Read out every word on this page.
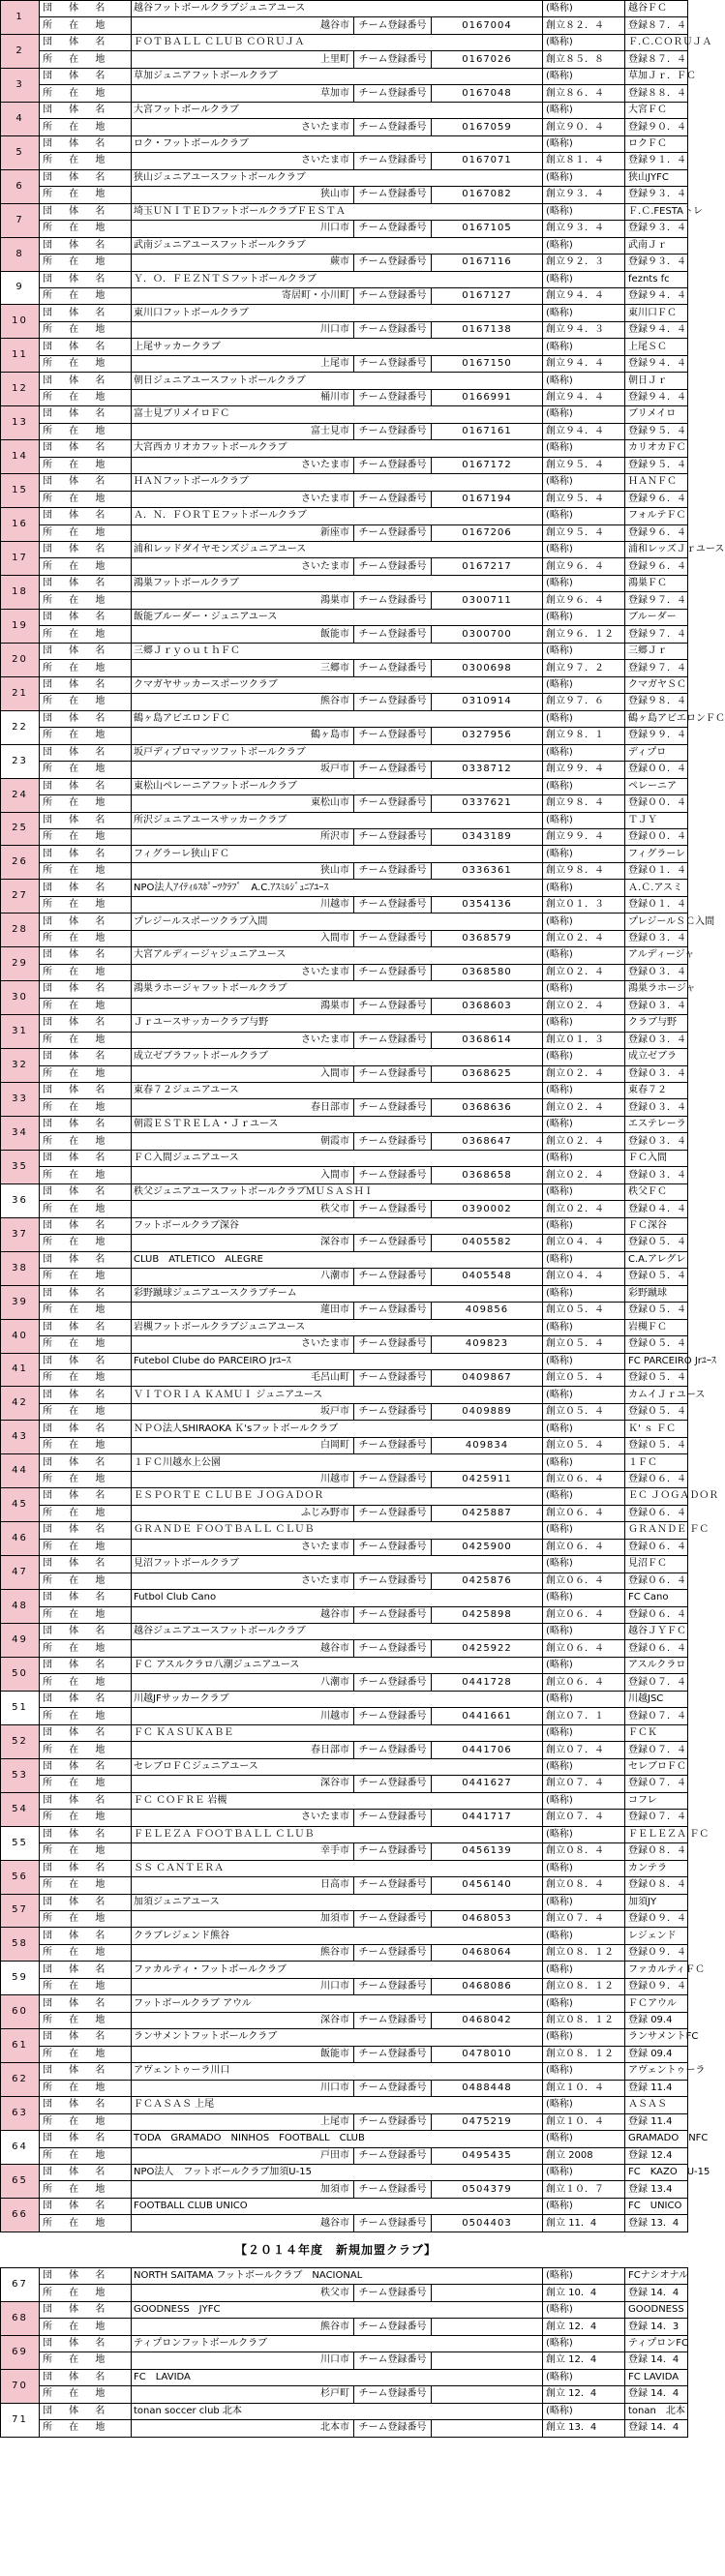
1	団 体 名	越谷フットボールクラブジュニアユース			(略称)	越谷ＦＣ
	所 在 地	越谷市	チーム登録番号	0167004	創立８２．４	登録８７．４
2	団 体 名	ＦＯＴＢＡＬＬ ＣＬＵＢ ＣＯＲＵＪＡ			(略称)	Ｆ.Ｃ.ＣＯＲＵＪＡ
	所 在 地	上里町	チーム登録番号	0167026	創立８５．８	登録８７．４
3	団 体 名	草加ジュニアフットボールクラブ			(略称)	草加Ｊｒ．ＦＣ
	所 在 地	草加市	チーム登録番号	0167048	創立８６．４	登録８８．４
4	団 体 名	大宮フットボールクラブ			(略称)	大宮ＦＣ
	所 在 地	さいたま市	チーム登録番号	0167059	創立９０．４	登録９０．４
5	団 体 名	ロク・フットボールクラブ			(略称)	ロクＦＣ
	所 在 地	さいたま市	チーム登録番号	0167071	創立８１．４	登録９１．４
6	団 体 名	狭山ジュニアユースフットボールクラブ			(略称)	狭山JYFC
	所 在 地	狭山市	チーム登録番号	0167082	創立９３．４	登録９３．４
7	団 体 名	埼玉ＵＮＩＴＥＤフットボールクラブＦＥＳＴＡ			(略称)	Ｆ.Ｃ.FESTAトレ
	所 在 地	川口市	チーム登録番号	0167105	創立９３．４	登録９３．４
8	団 体 名	武南ジュニアユースフットボールクラブ			(略称)	武南Ｊｒ
	所 在 地	蕨市	チーム登録番号	0167116	創立９２．３	登録９３．４
9	団 体 名	Ｙ．Ｏ．ＦＥＺＮＴＳフットボールクラブ			(略称)	feznts fc
	所 在 地	寄居町・小川町	チーム登録番号	0167127	創立９４．４	登録９４．４
10	団 体 名	東川口フットボールクラブ			(略称)	東川口ＦＣ
	所 在 地	川口市	チーム登録番号	0167138	創立９４．３	登録９４．４
11	団 体 名	上尾サッカークラブ			(略称)	上尾ＳＣ
	所 在 地	上尾市	チーム登録番号	0167150	創立９４．４	登録９４．４
12	団 体 名	朝日ジュニアユースフットボールクラブ			(略称)	朝日Ｊｒ
	所 在 地	桶川市	チーム登録番号	0166991	創立９４．４	登録９４．４
13	団 体 名	富士見ブリメイロＦＣ			(略称)	ブリメイロ
	所 在 地	富士見市	チーム登録番号	0167161	創立９４．４	登録９５．４
14	団 体 名	大宮西カリオカフットボールクラブ			(略称)	カリオカＦＣ
	所 在 地	さいたま市	チーム登録番号	0167172	創立９５．４	登録９５．４
15	団 体 名	ＨＡＮフットボールクラブ			(略称)	ＨＡＮＦＣ
	所 在 地	さいたま市	チーム登録番号	0167194	創立９５．４	登録９６．４
16	団 体 名	Ａ．Ｎ．ＦＯＲＴＥフットボールクラブ			(略称)	フォルテＦＣ
	所 在 地	新座市	チーム登録番号	0167206	創立９５．４	登録９６．４
17	団 体 名	浦和レッドダイヤモンズジュニアユース			(略称)	浦和レッズＪｒユース
	所 在 地	さいたま市	チーム登録番号	0167217	創立９６．４	登録９６．４
18	団 体 名	鴻巣フットボールクラブ			(略称)	鴻巣ＦＣ
	所 在 地	鴻巣市	チーム登録番号	0300711	創立９６．４	登録９７．４
19	団 体 名	飯能ブルーダー・ジュニアユース			(略称)	ブルーダー
	所 在 地	飯能市	チーム登録番号	0300700	創立９６．１２	登録９７．４
20	団 体 名	三郷ＪｒｙｏｕｔｈＦＣ			(略称)	三郷Ｊｒ
	所 在 地	三郷市	チーム登録番号	0300698	創立９７．２	登録９７．４
21	団 体 名	クマガヤサッカースポーツクラブ			(略称)	クマガヤＳＣ
	所 在 地	熊谷市	チーム登録番号	0310914	創立９７．６	登録９８．４
22	団 体 名	鶴ヶ島アビエロンＦＣ			(略称)	鶴ヶ島アビエロンＦＣ
	所 在 地	鶴ヶ島市	チーム登録番号	0327956	創立９８．１	登録９９．４
23	団 体 名	坂戸ディプロマッツフットボールクラブ			(略称)	ディプロ
	所 在 地	坂戸市	チーム登録番号	0338712	創立９９．４	登録００．４
24	団 体 名	東松山ペレーニアフットボールクラブ			(略称)	ペレーニア
	所 在 地	東松山市	チーム登録番号	0337621	創立９８．４	登録００．４
25	団 体 名	所沢ジュニアユースサッカークラブ			(略称)	ＴＪＹ
	所 在 地	所沢市	チーム登録番号	0343189	創立９９．４	登録００．４
26	団 体 名	フィグラーレ狭山ＦＣ			(略称)	フィグラーレ
	所 在 地	狭山市	チーム登録番号	0336361	創立９８．４	登録０１．４
27	団 体 名	NPO法人ｱｲﾃｨﾙｽﾎﾟｰﾂｸﾗﾌﾞ　A.C.ｱｽﾐﾙｼﾞｭﾆｱﾕｰｽ			(略称)	Ａ.Ｃ.アスミ
	所 在 地	川越市	チーム登録番号	0354136	創立０１．３	登録０１．４
28	団 体 名	プレジールスポーツクラブ入間			(略称)	プレジールＳＣ入間
	所 在 地	入間市	チーム登録番号	0368579	創立０２．４	登録０３．４
29	団 体 名	大宮アルディージャジュニアユース			(略称)	アルディージャ
	所 在 地	さいたま市	チーム登録番号	0368580	創立０２．４	登録０３．４
30	団 体 名	鴻巣ラホージャフットボールクラブ			(略称)	鴻巣ラホージャ
	所 在 地	鴻巣市	チーム登録番号	0368603	創立０２．４	登録０３．４
31	団 体 名	Ｊｒユースサッカークラブ与野			(略称)	クラブ与野
	所 在 地	さいたま市	チーム登録番号	0368614	創立０１．３	登録０３．４
32	団 体 名	成立ゼブラフットボールクラブ			(略称)	成立ゼブラ
	所 在 地	入間市	チーム登録番号	0368625	創立０２．４	登録０３．４
33	団 体 名	東春７２ジュニアユース			(略称)	東春７２
	所 在 地	春日部市	チーム登録番号	0368636	創立０２．４	登録０３．４
34	団 体 名	朝霞ＥＳＴＲＥＬＡ・Ｊｒユース			(略称)	エステレーラ
	所 在 地	朝霞市	チーム登録番号	0368647	創立０２．４	登録０３．４
35	団 体 名	ＦＣ入間ジュニアユース			(略称)	ＦＣ入間
	所 在 地	入間市	チーム登録番号	0368658	創立０２．４	登録０３．４
36	団 体 名	秩父ジュニアユースフットボールクラブＭＵＳＡＳＨＩ			(略称)	秩父ＦＣ
	所 在 地	秩父市	チーム登録番号	0390002	創立０２．４	登録０４．４
37	団 体 名	フットボールクラブ深谷			(略称)	ＦＣ深谷
	所 在 地	深谷市	チーム登録番号	0405582	創立０４．４	登録０５．４
38	団 体 名	CLUB　ATLETICO　ALEGRE			(略称)	C.A.アレグレ
	所 在 地	八潮市	チーム登録番号	0405548	創立０４．４	登録０５．４
39	団 体 名	彩野蹴球ジュニアユースクラブチーム			(略称)	彩野蹴球
	所 在 地	蓮田市	チーム登録番号	409856	創立０５．４	登録０５．４
40	団 体 名	岩槻フットボールクラブジュニアユース			(略称)	岩槻ＦＣ
	所 在 地	さいたま市	チーム登録番号	409823	創立０５．４	登録０５．４
41	団 体 名	Futebol Clube do PARCEIRO Jrﾕｰｽ			(略称)	FC PARCEIRO Jrﾕｰｽ
	所 在 地	毛呂山町	チーム登録番号	0409867	創立０５．４	登録０５．４
42	団 体 名	ＶＩＴＯＲＩＡ ＫＡＭＵＩ ジュニアユース			(略称)	カムイＪｒユース
	所 在 地	坂戸市	チーム登録番号	0409889	創立０５．４	登録０５．４
43	団 体 名	ＮＰＯ法人SHIRAOKA Ｋ'sフットボールクラブ			(略称)	Ｋ' ｓ ＦＣ
	所 在 地	白岡町	チーム登録番号	409834	創立０５．４	登録０５．４
44	団 体 名	１ＦＣ川越水上公園			(略称)	１ＦＣ
	所 在 地	川越市	チーム登録番号	0425911	創立０６．４	登録０６．４
45	団 体 名	ＥＳＰＯＲＴＥ ＣＬＵＢＥ ＪＯＧＡＤＯＲ			(略称)	ＥＣ ＪＯＧＡＤＯＲ
	所 在 地	ふじみ野市	チーム登録番号	0425887	創立０６．４	登録０６．４
46	団 体 名	ＧＲＡＮＤＥ ＦＯＯＴＢＡＬＬ ＣＬＵＢ			(略称)	ＧＲＡＮＤＥ ＦＣ
	所 在 地	さいたま市	チーム登録番号	0425900	創立０６．４	登録０６．４
47	団 体 名	見沼フットボールクラブ			(略称)	見沼ＦＣ
	所 在 地	さいたま市	チーム登録番号	0425876	創立０６．４	登録０６．４
48	団 体 名	Futbol Club Cano			(略称)	FC Cano
	所 在 地	越谷市	チーム登録番号	0425898	創立０６．４	登録０６．４
49	団 体 名	越谷ジュニアユースフットボールクラブ			(略称)	越谷ＪＹＦＣ
	所 在 地	越谷市	チーム登録番号	0425922	創立０６．４	登録０６．４
50	団 体 名	ＦＣ アスルクラロ八潮ジュニアユース			(略称)	アスルクラロ
	所 在 地	八潮市	チーム登録番号	0441728	創立０６．４	登録０７．４
51	団 体 名	川越JFサッカークラブ			(略称)	川越JSC
	所 在 地	川越市	チーム登録番号	0441661	創立０７．１	登録０７．４
52	団 体 名	ＦＣ ＫＡＳＵＫＡＢＥ			(略称)	ＦＣＫ
	所 在 地	春日部市	チーム登録番号	0441706	創立０７．４	登録０７．４
53	団 体 名	セレブロＦＣジュニアユース			(略称)	セレブロＦＣ
	所 在 地	深谷市	チーム登録番号	0441627	創立０７．４	登録０７．４
54	団 体 名	ＦＣ ＣＯＦＲＥ 岩槻			(略称)	コフレ
	所 在 地	さいたま市	チーム登録番号	0441717	創立０７．４	登録０７．４
55	団 体 名	ＦＥＬＥＺＡ ＦＯＯＴＢＡＬＬ ＣＬＵＢ			(略称)	ＦＥＬＥＺＡ ＦＣ
	所 在 地	幸手市	チーム登録番号	0456139	創立０８．４	登録０８．４
56	団 体 名	ＳＳ ＣＡＮＴＥＲＡ			(略称)	カンテラ
	所 在 地	日高市	チーム登録番号	0456140	創立０８．４	登録０８．４
57	団 体 名	加須ジュニアユース			(略称)	加須JY
	所 在 地	加須市	チーム登録番号	0468053	創立０７．４	登録０９．４
58	団 体 名	クラブレジェンド熊谷			(略称)	レジェンド
	所 在 地	熊谷市	チーム登録番号	0468064	創立０８．１２	登録０９．４
59	団 体 名	ファカルティ・フットボールクラブ			(略称)	ファカルティＦＣ
	所 在 地	川口市	チーム登録番号	0468086	創立０８．１２	登録０９．４
60	団 体 名	フットボールクラブ アウル			(略称)	ＦＣアウル
	所 在 地	深谷市	チーム登録番号	0468042	創立０８．１２	登録 09.4
61	団 体 名	ランサメントフットボールクラブ			(略称)	ランサメントFC
	所 在 地	飯能市	チーム登録番号	0478010	創立０８．１２	登録 09.4
62	団 体 名	アヴェントゥーラ川口			(略称)	アヴェントゥーラ
	所 在 地	川口市	チーム登録番号	0488448	創立１０．４	登録 11.4
63	団 体 名	ＦＣＡＳＡＳ 上尾			(略称)	ＡＳＡＳ
	所 在 地	上尾市	チーム登録番号	0475219	創立１０．４	登録 11.4
64	団 体 名	TODA　GRAMADO　NINHOS　FOOTBALL　CLUB			(略称)	GRAMADO　NFC
	所 在 地	戸田市	チーム登録番号	0495435	創立 2008	登録 12.4
65	団 体 名	NPO法人　フットボールクラブ加須U-15			(略称)	FC　KAZO　U-15
	所 在 地	加須市	チーム登録番号	0504379	創立１０．７	登録 13.4
66	団 体 名	FOOTBALL CLUB UNICO			(略称)	FC　UNICO
	所 在 地	越谷市	チーム登録番号	0504403	創立 11．4	登録 13．4
【２０１４年度　新規加盟クラブ】
67	団 体 名	NORTH SAITAMA フットボールクラブ　NACIONAL			(略称)	FCナシオナル
	所 在 地	秩父市	チーム登録番号		創立 10．4	登録 14．4
68	団 体 名	GOODNESS　JYFC			(略称)	GOODNESS
	所 在 地	熊谷市	チーム登録番号		創立 12．4	登録 14．3
69	団 体 名	ティプロンフットボールクラブ			(略称)	ティプロンFC
	所 在 地	川口市	チーム登録番号		創立 12．4	登録 14．4
70	団 体 名	FC　LAVIDA			(略称)	FC LAVIDA
	所 在 地	杉戸町	チーム登録番号		創立 12．4	登録 14．4
71	団 体 名	tonan soccer club 北本			(略称)	tonan　北本
	所 在 地	北本市	チーム登録番号		創立 13．4	登録 14．4
